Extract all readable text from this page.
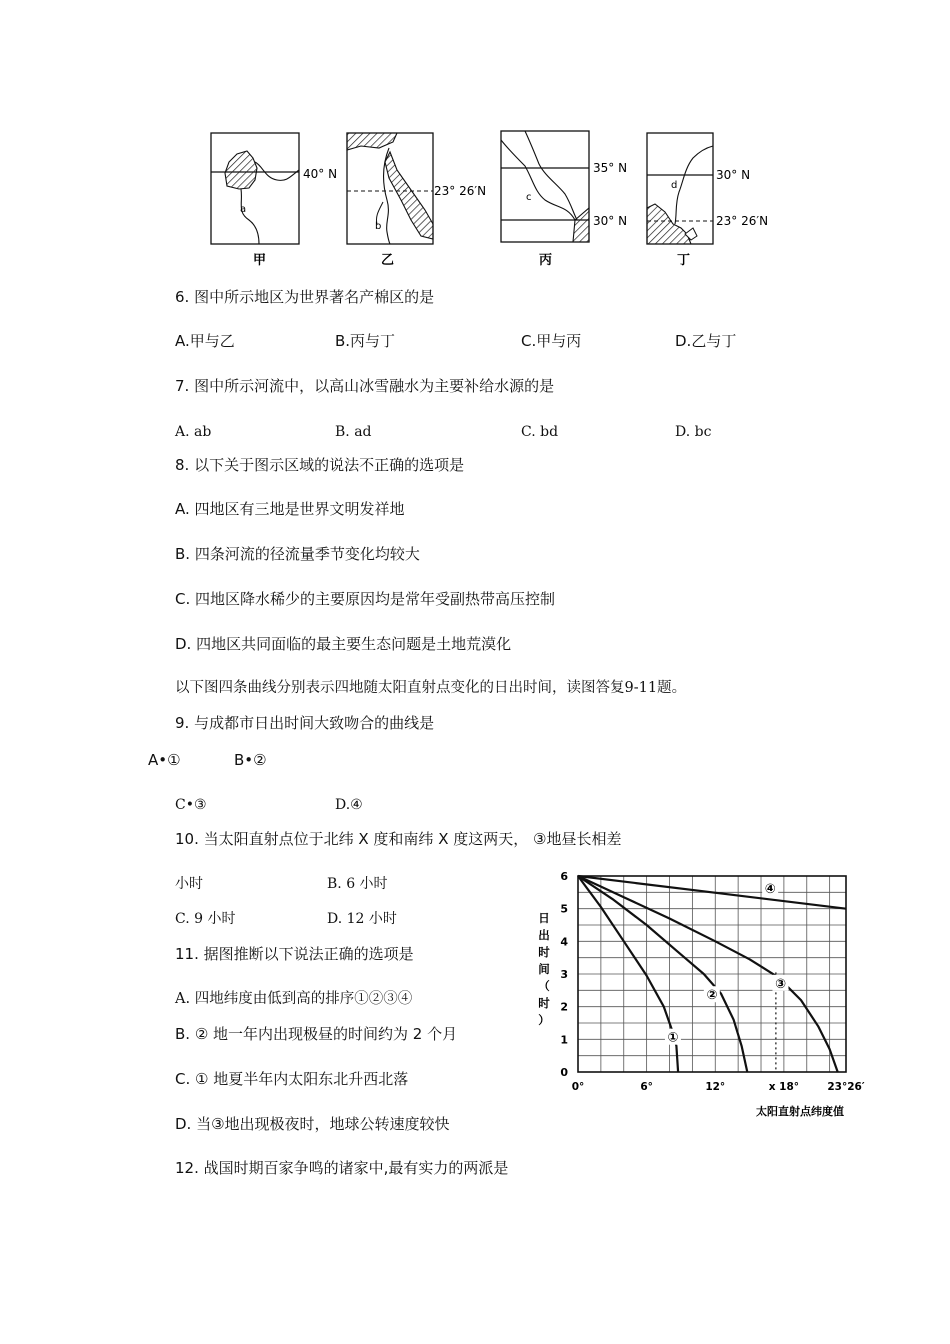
a
40° N
甲
b
23° 26′N
乙
c
35° N
30° N
丙
d
30° N
23° 26′N
丁
6. 图中所示地区为世界著名产棉区的是
A.甲与乙	B.丙与丁	C.甲与丙	D.乙与丁
7. 图中所示河流中，以高山冰雪融水为主要补给水源的是
A. ab	B. ad	C. bd	D. bc
8. 以下关于图示区域的说法不正确的选项是
A. 四地区有三地是世界文明发祥地
B. 四条河流的径流量季节变化均较大
C. 四地区降水稀少的主要原因均是常年受副热带高压控制
D. 四地区共同面临的最主要生态问题是土地荒漠化
以下图四条曲线分别表示四地随太阳直射点变化的日出时间，读图答复9-11题。
9. 与成都市日出时间大致吻合的曲线是
A•①	B•②
C•③	D.④
10. 当太阳直射点位于北纬 X 度和南纬 X 度这两天， ③地昼长相差
小时	B. 6 小时
C. 9 小时	D. 12 小时
11. 据图推断以下说法正确的选项是
A. 四地纬度由低到高的排序①②③④
B. ② 地一年内出现极昼的时间约为 2 个月
C. ① 地夏半年内太阳东北升西北落
D. 当③地出现极夜时，地球公转速度较快
12. 战国时期百家争鸣的诸家中,最有实力的两派是
0
1
2
3
4
5
6
0°	6°	12°	x 18°	23°26′
①
②
③
④
日出时间（时）
太阳直射点纬度值
